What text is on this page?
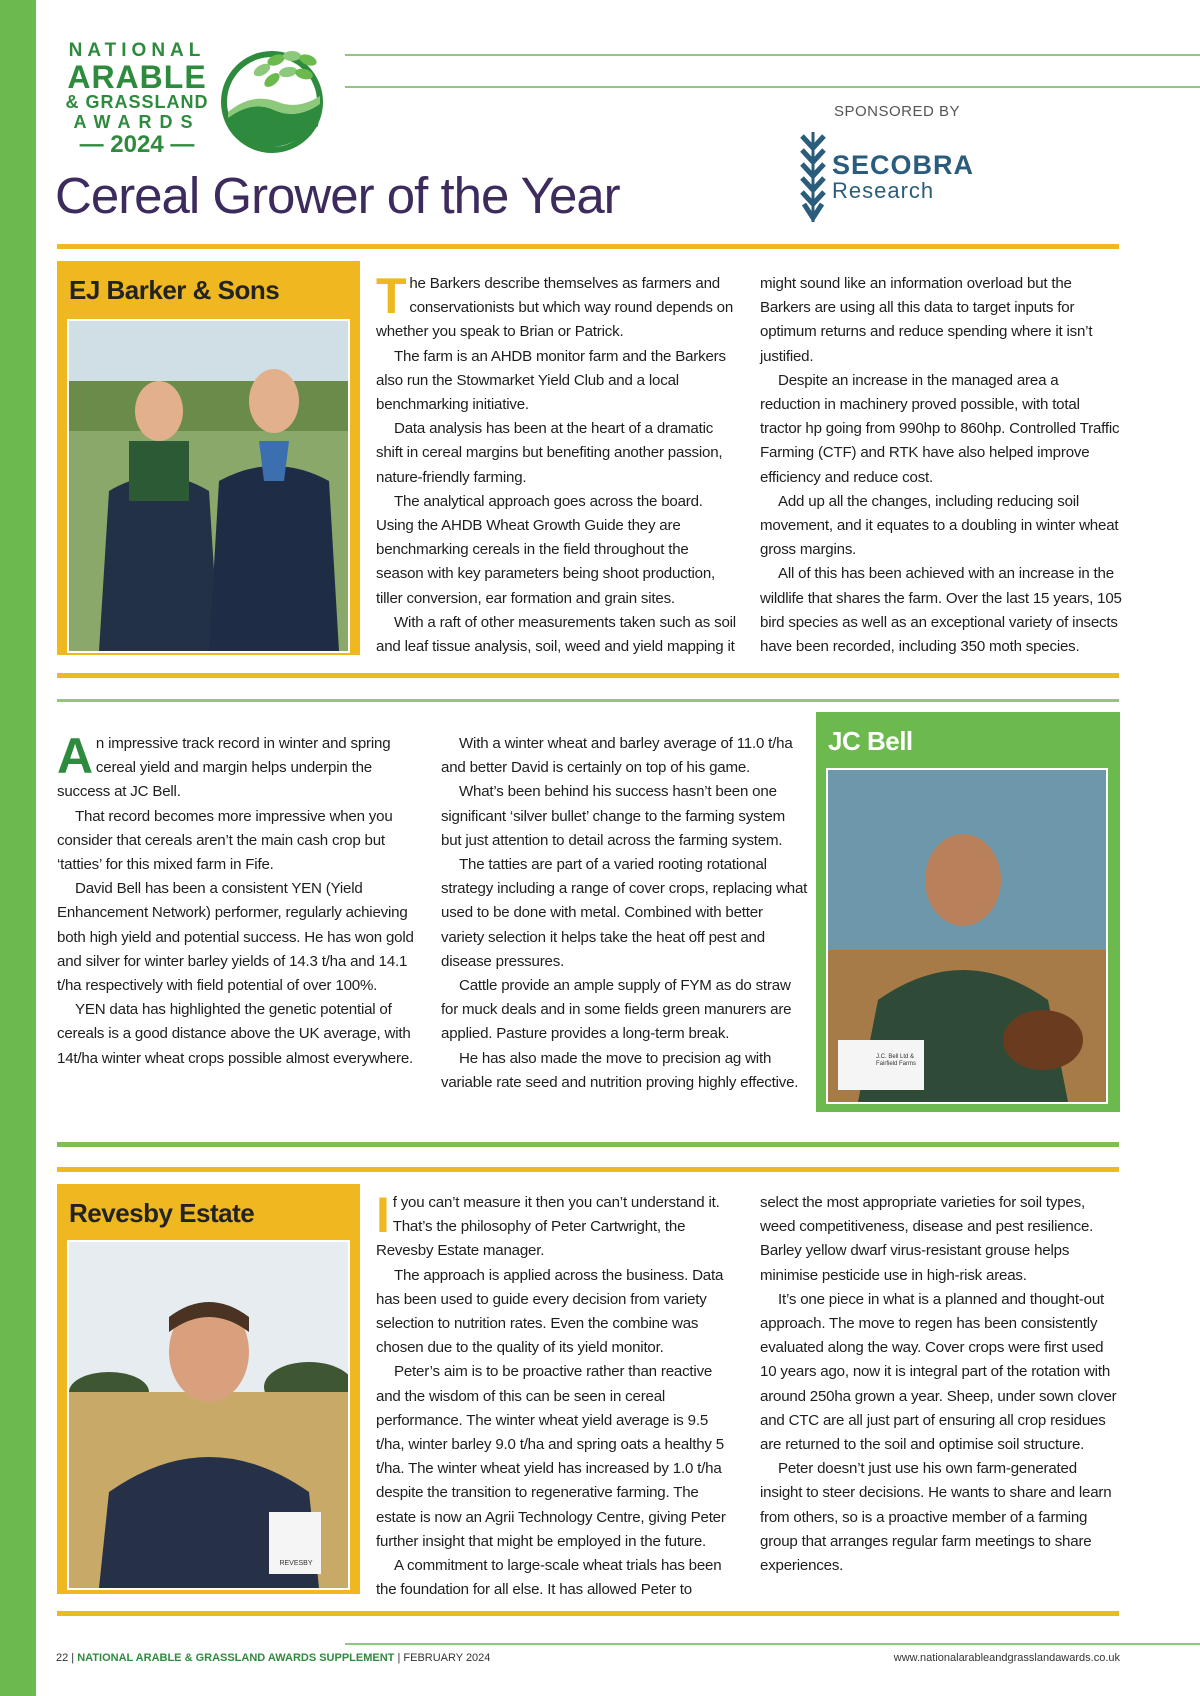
NATIONAL
ARABLE
& GRASSLAND
AWARDS
— 2024 —
Cereal Grower of the Year
SPONSORED BY
SECOBRA
Research
EJ Barker & Sons The Barkers describe themselves as farmers and conservationists but which way round depends on whether you speak to Brian or Patrick.

The farm is an AHDB monitor farm and the Barkers also run the Stowmarket Yield Club and a local benchmarking initiative.

Data analysis has been at the heart of a dramatic shift in cereal margins but benefiting another passion, nature-friendly farming.

The analytical approach goes across the board. Using the AHDB Wheat Growth Guide they are benchmarking cereals in the field throughout the season with key parameters being shoot production, tiller conversion, ear formation and grain sites.

With a raft of other measurements taken such as soil and leaf tissue analysis, soil, weed and yield mapping it

might sound like an information overload but the Barkers are using all this data to target inputs for optimum returns and reduce spending where it isn’t justified.

Despite an increase in the managed area a reduction in machinery proved possible, with total tractor hp going from 990hp to 860hp. Controlled Traffic Farming (CTF) and RTK have also helped improve efficiency and reduce cost.

Add up all the changes, including reducing soil movement, and it equates to a doubling in winter wheat gross margins.

All of this has been achieved with an increase in the wildlife that shares the farm. Over the last 15 years, 105 bird species as well as an exceptional variety of insects have been recorded, including 350 moth species.

An impressive track record in winter and spring cereal yield and margin helps underpin the success at JC Bell.

That record becomes more impressive when you consider that cereals aren’t the main cash crop but ‘tatties’ for this mixed farm in Fife.

David Bell has been a consistent YEN (Yield Enhancement Network) performer, regularly achieving both high yield and potential success. He has won gold and silver for winter barley yields of 14.3 t/ha and 14.1 t/ha respectively with field potential of over 100%.

YEN data has highlighted the genetic potential of cereals is a good distance above the UK average, with 14t/ha winter wheat crops possible almost everywhere.

With a winter wheat and barley average of 11.0 t/ha and better David is certainly on top of his game.

What’s been behind his success hasn’t been one significant ‘silver bullet’ change to the farming system but just attention to detail across the farming system.

The tatties are part of a varied rooting rotational strategy including a range of cover crops, replacing what used to be done with metal. Combined with better variety selection it helps take the heat off pest and disease pressures.

Cattle provide an ample supply of FYM as do straw for muck deals and in some fields green manurers are applied. Pasture provides a long-term break.

He has also made the move to precision ag with variable rate seed and nutrition proving highly effective.

JC Bell
J.C. Bell Ltd & Fairfield Farms
Revesby Estate
REVESBY

If you can’t measure it then you can’t understand it. That’s the philosophy of Peter Cartwright, the Revesby Estate manager.

The approach is applied across the business. Data has been used to guide every decision from variety selection to nutrition rates. Even the combine was chosen due to the quality of its yield monitor.

Peter’s aim is to be proactive rather than reactive and the wisdom of this can be seen in cereal performance. The winter wheat yield average is 9.5 t/ha, winter barley 9.0 t/ha and spring oats a healthy 5 t/ha. The winter wheat yield has increased by 1.0 t/ha despite the transition to regenerative farming. The estate is now an Agrii Technology Centre, giving Peter further insight that might be employed in the future.

A commitment to large-scale wheat trials has been the foundation for all else. It has allowed Peter to

select the most appropriate varieties for soil types, weed competitiveness, disease and pest resilience. Barley yellow dwarf virus-resistant grouse helps minimise pesticide use in high-risk areas.

It’s one piece in what is a planned and thought-out approach. The move to regen has been consistently evaluated along the way. Cover crops were first used 10 years ago, now it is integral part of the rotation with around 250ha grown a year. Sheep, under sown clover and CTC are all just part of ensuring all crop residues are returned to the soil and optimise soil structure.

Peter doesn’t just use his own farm-generated insight to steer decisions. He wants to share and learn from others, so is a proactive member of a farming group that arranges regular farm meetings to share experiences.

22 | NATIONAL ARABLE & GRASSLAND AWARDS SUPPLEMENT | FEBRUARY 2024	www.nationalarableandgrasslandawards.co.uk
